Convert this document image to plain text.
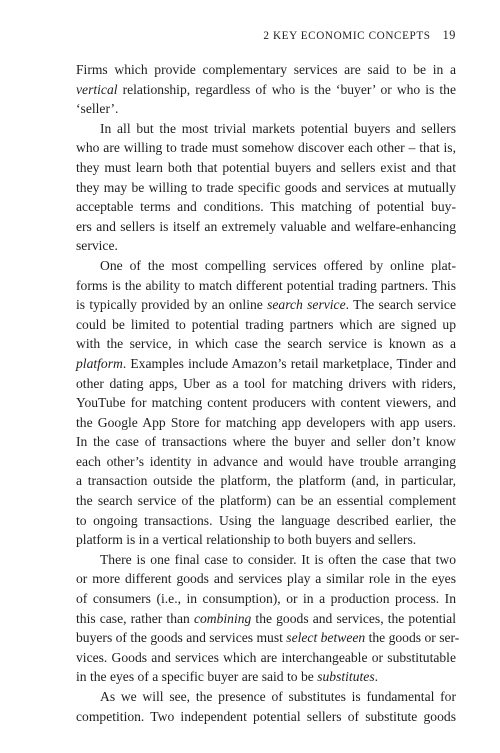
2 KEY ECONOMIC CONCEPTS 19
Firms which provide complementary services are said to be in a
vertical relationship, regardless of who is the ‘buyer’ or who is the
‘seller’.
In all but the most trivial markets potential buyers and sellers
who are willing to trade must somehow discover each other – that is,
they must learn both that potential buyers and sellers exist and that
they may be willing to trade specific goods and services at mutually
acceptable terms and conditions. This matching of potential buy-
ers and sellers is itself an extremely valuable and welfare-enhancing
service.
One of the most compelling services offered by online plat-
forms is the ability to match different potential trading partners. This
is typically provided by an online search service. The search service
could be limited to potential trading partners which are signed up
with the service, in which case the search service is known as a
platform. Examples include Amazon’s retail marketplace, Tinder and
other dating apps, Uber as a tool for matching drivers with riders,
YouTube for matching content producers with content viewers, and
the Google App Store for matching app developers with app users.
In the case of transactions where the buyer and seller don’t know
each other’s identity in advance and would have trouble arranging
a transaction outside the platform, the platform (and, in particular,
the search service of the platform) can be an essential complement
to ongoing transactions. Using the language described earlier, the
platform is in a vertical relationship to both buyers and sellers.
There is one final case to consider. It is often the case that two
or more different goods and services play a similar role in the eyes
of consumers (i.e., in consumption), or in a production process. In
this case, rather than combining the goods and services, the potential
buyers of the goods and services must select between the goods or ser-
vices. Goods and services which are interchangeable or substitutable
in the eyes of a specific buyer are said to be substitutes.
As we will see, the presence of substitutes is fundamental for
competition. Two independent potential sellers of substitute goods
